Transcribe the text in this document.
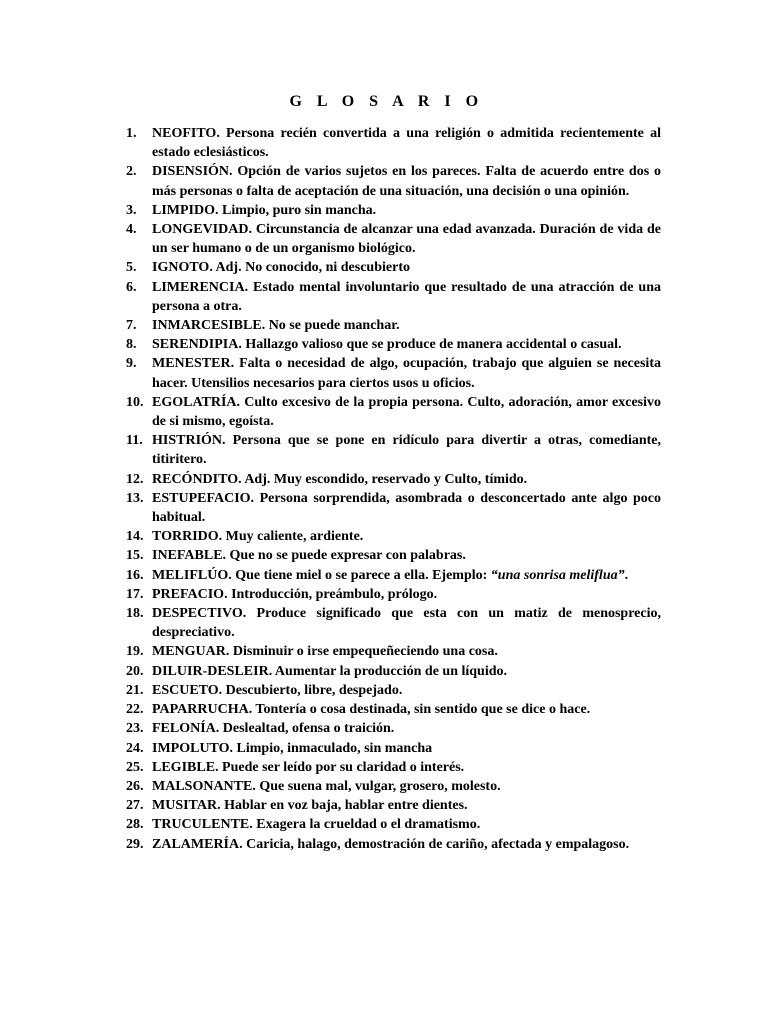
G L O S A R I O
1.	NEOFITO. Persona recién convertida a una religión o admitida recientemente al estado eclesiásticos.
2.	DISENSIÓN. Opción de varios sujetos en los pareces. Falta de acuerdo entre dos o más personas o falta de aceptación de una situación, una decisión o una opinión.
3.	LIMPIDO. Limpio, puro sin mancha.
4.	LONGEVIDAD. Circunstancia de alcanzar una edad avanzada. Duración de vida de un ser humano o de un organismo biológico.
5.	IGNOTO. Adj. No conocido, ni descubierto
6.	LIMERENCIA. Estado mental involuntario que resultado de una atracción de una persona a otra.
7.	INMARCESIBLE. No se puede manchar.
8.	SERENDIPIA. Hallazgo valioso que se produce de manera accidental o casual.
9.	MENESTER. Falta o necesidad de algo, ocupación, trabajo que alguien se necesita hacer. Utensilios necesarios para ciertos usos u oficios.
10. EGOLATRÍA. Culto excesivo de la propia persona. Culto, adoración, amor excesivo de si mismo, egoísta.
11. HISTRIÓN. Persona que se pone en ridículo para divertir a otras, comediante, titiritero.
12. RECÓNDITO. Adj. Muy escondido, reservado y Culto, tímido.
13. ESTUPEFACIO. Persona sorprendida, asombrada o desconcertado ante algo poco habitual.
14. TORRIDO. Muy caliente, ardiente.
15. INEFABLE. Que no se puede expresar con palabras.
16. MELIFLÚO. Que tiene miel o se parece a ella. Ejemplo: “una sonrisa meliflua”.
17. PREFACIO. Introducción, preámbulo, prólogo.
18. DESPECTIVO. Produce significado que esta con un matiz de menosprecio, despreciativo.
19. MENGUAR. Disminuir o irse empequeñeciendo una cosa.
20. DILUIR-DESLEIR. Aumentar la producción de un líquido.
21. ESCUETO. Descubierto, libre, despejado.
22. PAPARRUCHA. Tontería o cosa destinada, sin sentido que se dice o hace.
23. FELONÍA. Deslealtad, ofensa o traición.
24. IMPOLUTO. Limpio, inmaculado, sin mancha
25. LEGIBLE. Puede ser leído por su claridad o interés.
26. MALSONANTE. Que suena mal, vulgar, grosero, molesto.
27. MUSITAR. Hablar en voz baja, hablar entre dientes.
28. TRUCULENTE. Exagera la crueldad o el dramatismo.
29. ZALAMERÍA. Caricia, halago, demostración de cariño, afectada y empalagoso.
